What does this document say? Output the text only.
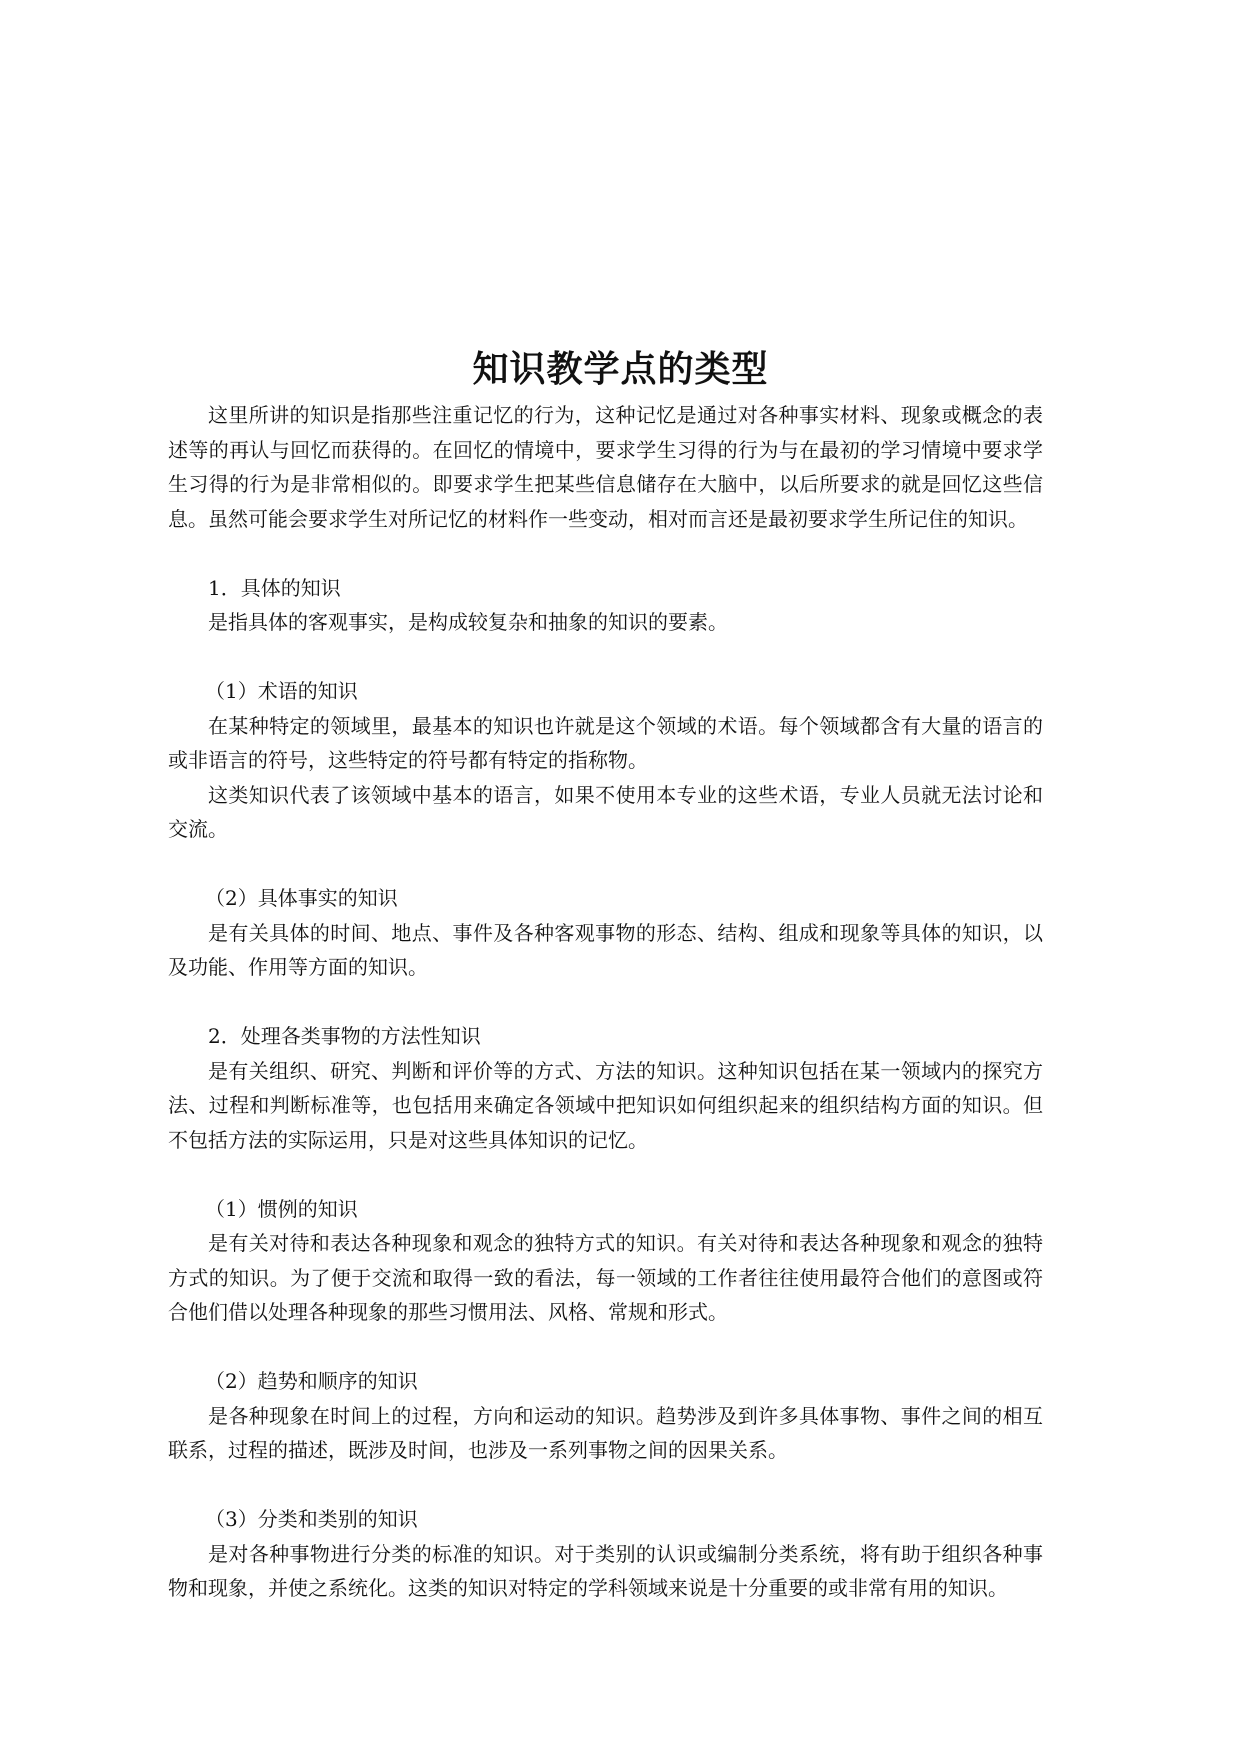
知识教学点的类型

这里所讲的知识是指那些注重记忆的行为，这种记忆是通过对各种事实材料、现象或概念的表述等的再认与回忆而获得的。在回忆的情境中，要求学生习得的行为与在最初的学习情境中要求学生习得的行为是非常相似的。即要求学生把某些信息储存在大脑中，以后所要求的就是回忆这些信息。虽然可能会要求学生对所记忆的材料作一些变动，相对而言还是最初要求学生所记住的知识。

1．具体的知识

是指具体的客观事实，是构成较复杂和抽象的知识的要素。

（1）术语的知识

在某种特定的领域里，最基本的知识也许就是这个领域的术语。每个领域都含有大量的语言的或非语言的符号，这些特定的符号都有特定的指称物。

这类知识代表了该领域中基本的语言，如果不使用本专业的这些术语，专业人员就无法讨论和交流。

（2）具体事实的知识

是有关具体的时间、地点、事件及各种客观事物的形态、结构、组成和现象等具体的知识，以及功能、作用等方面的知识。

2．处理各类事物的方法性知识

是有关组织、研究、判断和评价等的方式、方法的知识。这种知识包括在某一领域内的探究方法、过程和判断标准等，也包括用来确定各领域中把知识如何组织起来的组织结构方面的知识。但不包括方法的实际运用，只是对这些具体知识的记忆。

（1）惯例的知识

是有关对待和表达各种现象和观念的独特方式的知识。有关对待和表达各种现象和观念的独特方式的知识。为了便于交流和取得一致的看法，每一领域的工作者往往使用最符合他们的意图或符合他们借以处理各种现象的那些习惯用法、风格、常规和形式。

（2）趋势和顺序的知识

是各种现象在时间上的过程，方向和运动的知识。趋势涉及到许多具体事物、事件之间的相互联系，过程的描述，既涉及时间，也涉及一系列事物之间的因果关系。

（3）分类和类别的知识

是对各种事物进行分类的标准的知识。对于类别的认识或编制分类系统，将有助于组织各种事物和现象，并使之系统化。这类的知识对特定的学科领域来说是十分重要的或非常有用的知识。
